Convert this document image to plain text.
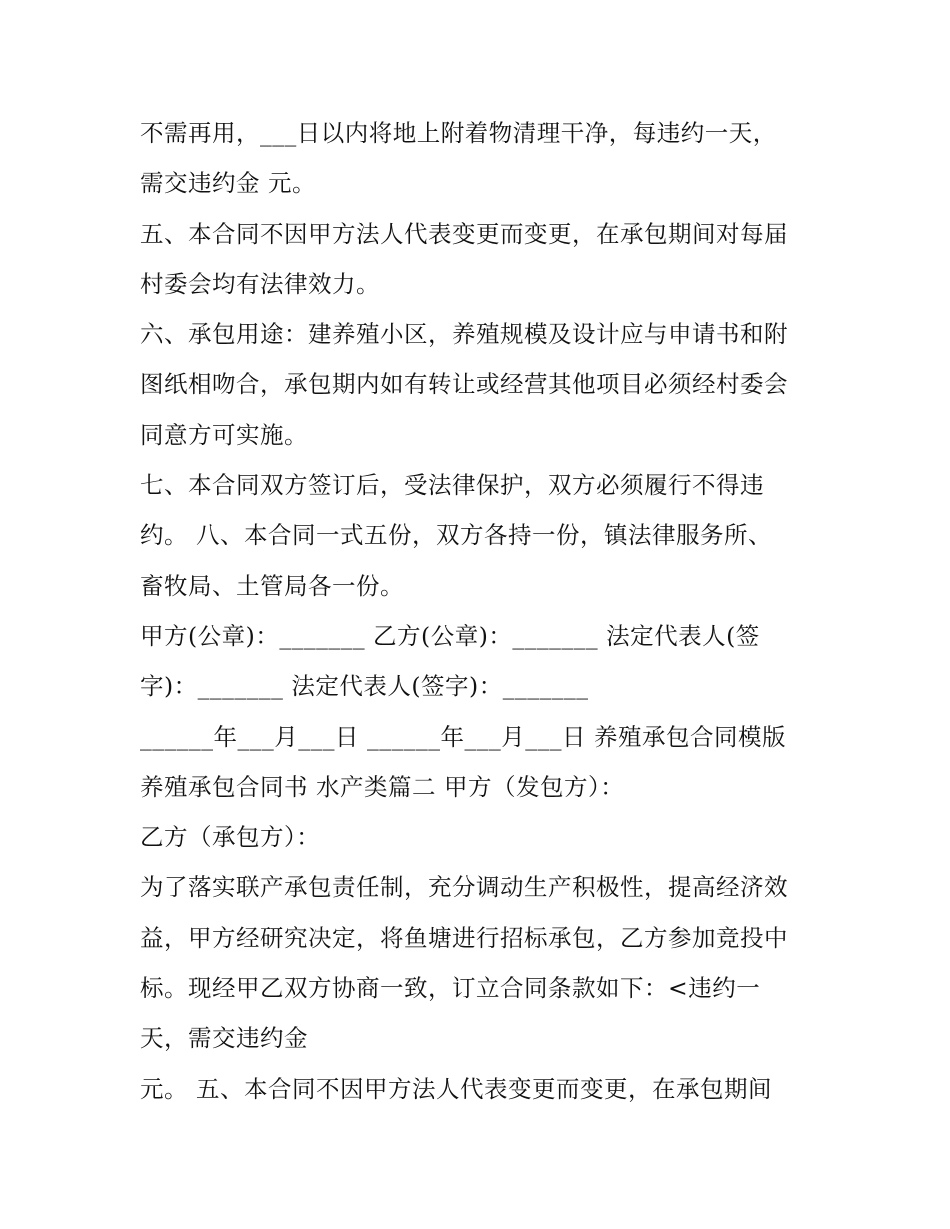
不需再用，___日以内将地上附着物清理干净，每违约一天，
需交违约金 元。
五、本合同不因甲方法人代表变更而变更，在承包期间对每届
村委会均有法律效力。
六、承包用途：建养殖小区，养殖规模及设计应与申请书和附
图纸相吻合，承包期内如有转让或经营其他项目必须经村委会
同意方可实施。
七、本合同双方签订后，受法律保护，双方必须履行不得违
约。 八、本合同一式五份，双方各持一份，镇法律服务所、
畜牧局、土管局各一份。
甲方(公章)：_______ 乙方(公章)：_______ 法定代表人(签
字)：_______ 法定代表人(签字)：_______
______年___月___日 ______年___月___日 养殖承包合同模版
养殖承包合同书 水产类篇二 甲方（发包方）：
乙方（承包方）：
为了落实联产承包责任制，充分调动生产积极性，提高经济效
益，甲方经研究决定，将鱼塘进行招标承包，乙方参加竞投中
标。现经甲乙双方协商一致，订立合同条款如下：<违约一
天，需交违约金
元。 五、本合同不因甲方法人代表变更而变更，在承包期间
